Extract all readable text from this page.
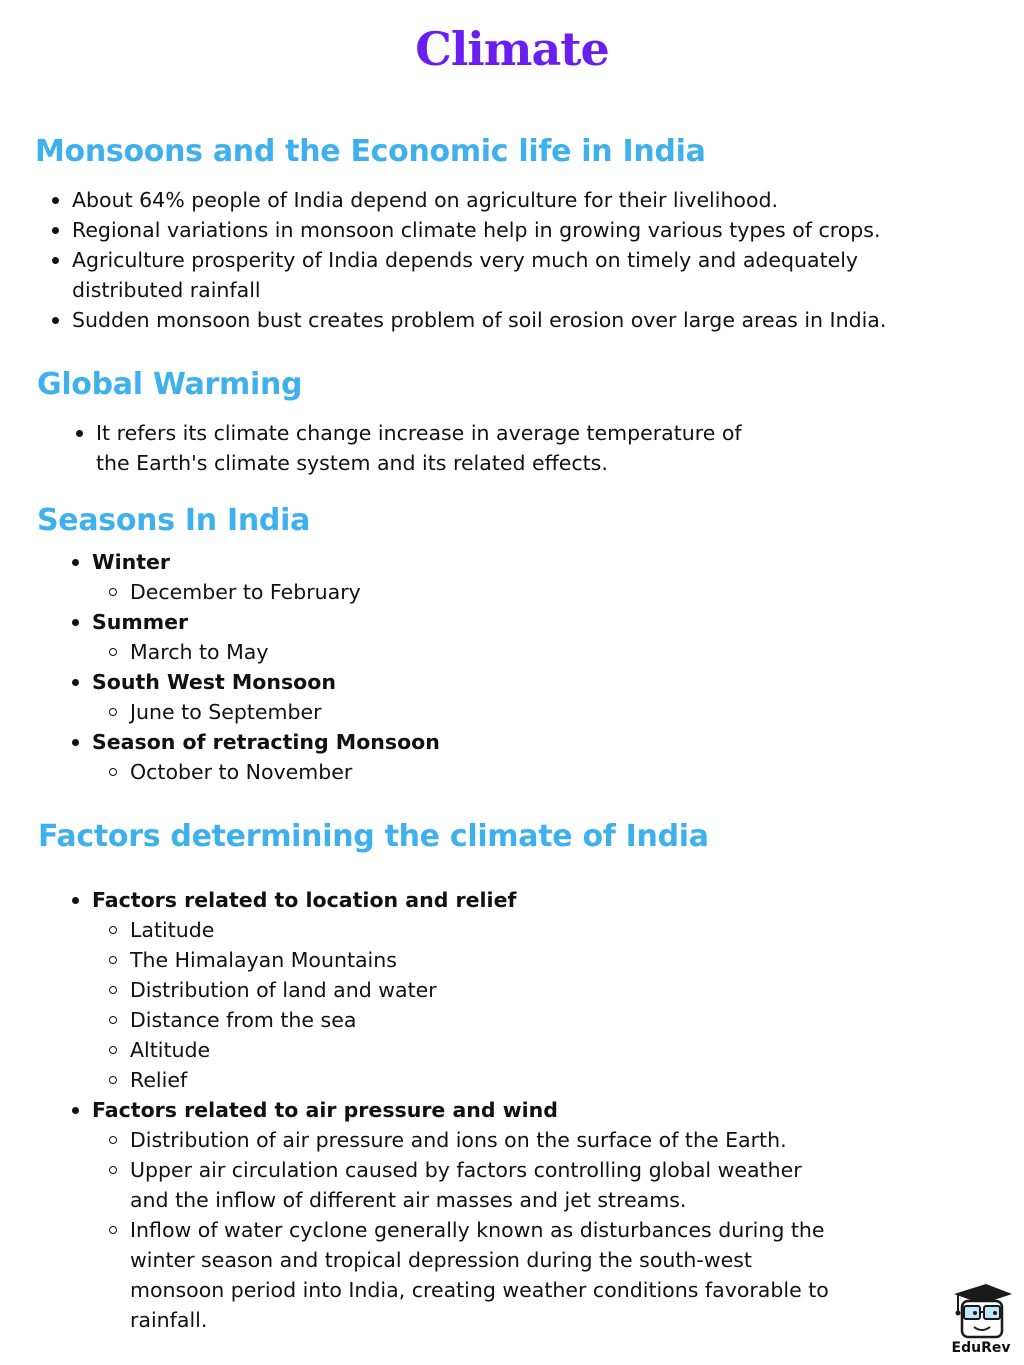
Climate
Monsoons and the Economic life in India
About 64% people of India depend on agriculture for their livelihood.
Regional variations in monsoon climate help in growing various types of crops.
Agriculture prosperity of India depends very much on timely and adequately distributed rainfall
Sudden monsoon bust creates problem of soil erosion over large areas in India.
Global Warming
It refers its climate change increase in average temperature of the Earth's climate system and its related effects.
Seasons In India
Winter
December to February
Summer
March to May
South West Monsoon
June to September
Season of retracting Monsoon
October to November
Factors determining the climate of India
Factors related to location and relief
Latitude
The Himalayan Mountains
Distribution of land and water
Distance from the sea
Altitude
Relief
Factors related to air pressure and wind
Distribution of air pressure and ions on the surface of the Earth.
Upper air circulation caused by factors controlling global weather and the inflow of different air masses and jet streams.
Inflow of water cyclone generally known as disturbances during the winter season and tropical depression during the south-west monsoon period into India, creating weather conditions favorable to rainfall.
EduRev
